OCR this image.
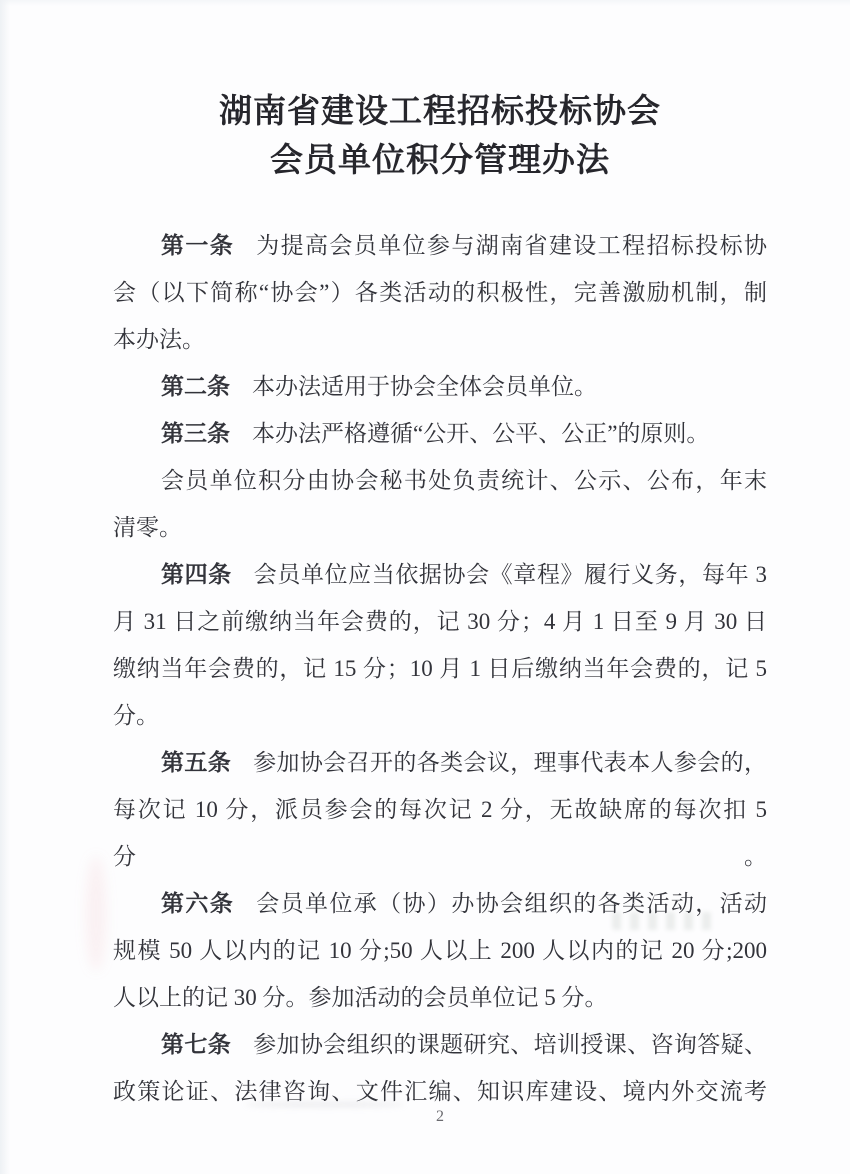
湖南省建设工程招标投标协会
会员单位积分管理办法
第一条 为提高会员单位参与湖南省建设工程招标投标协
会（以下简称“协会”）各类活动的积极性，完善激励机制，制
本办法。
第二条 本办法适用于协会全体会员单位。
第三条 本办法严格遵循“公开、公平、公正”的原则。
会员单位积分由协会秘书处负责统计、公示、公布，年末
清零。
第四条 会员单位应当依据协会《章程》履行义务，每年 3
月 31 日之前缴纳当年会费的，记 30 分；4 月 1 日至 9 月 30 日
缴纳当年会费的，记 15 分；10 月 1 日后缴纳当年会费的，记 5
分。
第五条 参加协会召开的各类会议，理事代表本人参会的，
每次记 10 分，派员参会的每次记 2 分，无故缺席的每次扣 5 分。
第六条 会员单位承（协）办协会组织的各类活动，活动
规模 50 人以内的记 10 分;50 人以上 200 人以内的记 20 分;200
人以上的记 30 分。参加活动的会员单位记 5 分。
第七条 参加协会组织的课题研究、培训授课、咨询答疑、
政策论证、法律咨询、文件汇编、知识库建设、境内外交流考
2
